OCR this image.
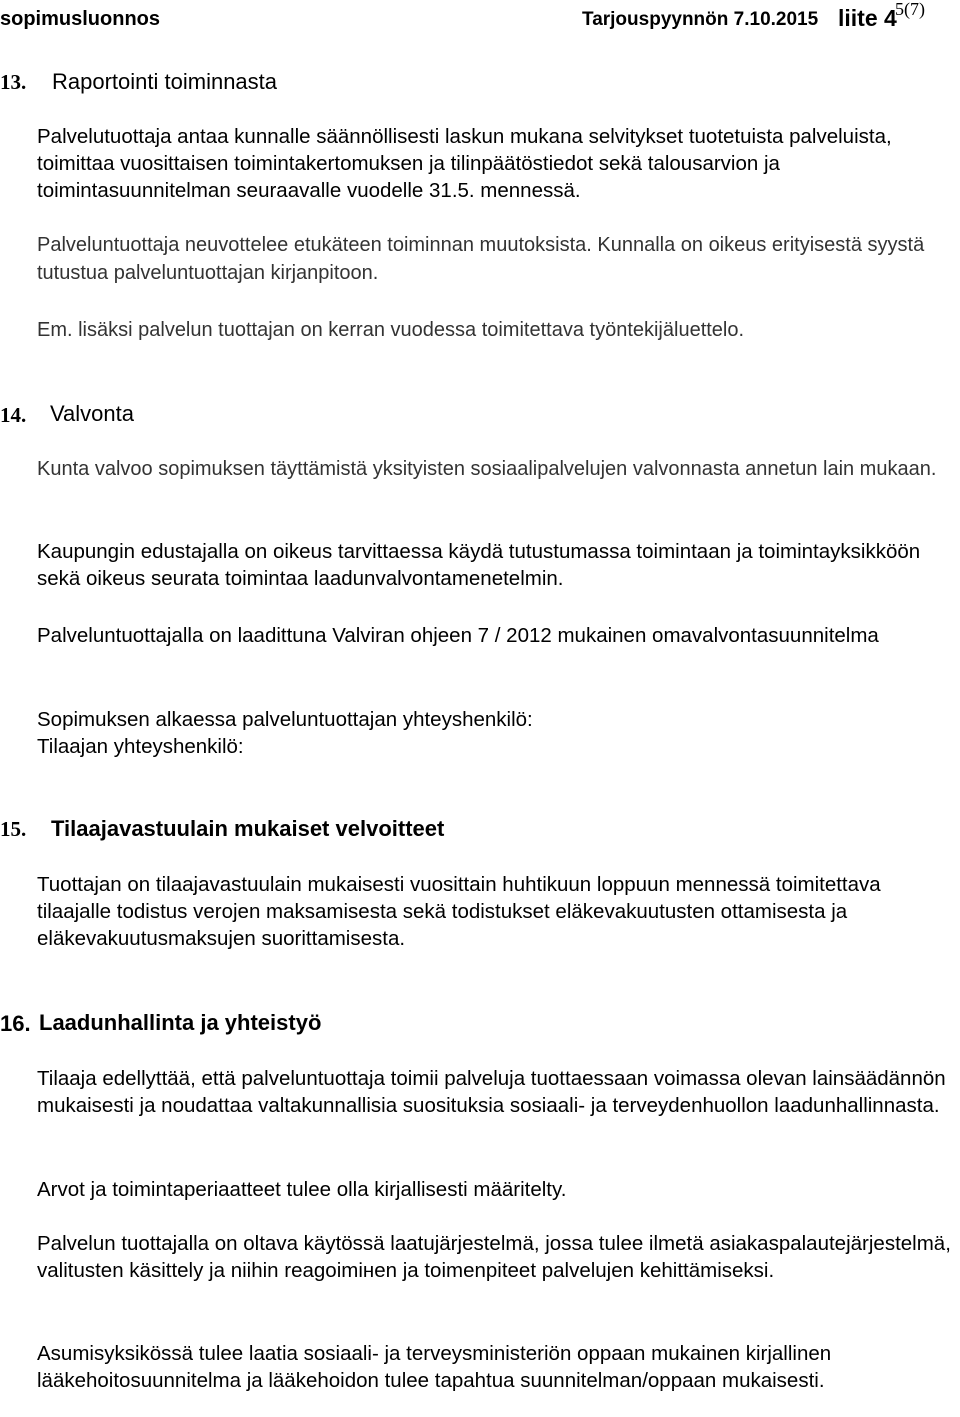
sopimusluonnos	Tarjouspyynnön 7.10.2015 liite 4
5(7)
13. Raportointi toiminnasta

Palvelutuottaja antaa kunnalle säännöllisesti laskun mukana selvitykset tuotetuista palveluista, toimittaa vuosittaisen toimintakertomuksen ja tilinpäätöstiedot sekä talousarvion ja toimintasuunnitelman seuraavalle vuodelle 31.5. mennessä.

Palveluntuottaja neuvottelee etukäteen toiminnan muutoksista. Kunnalla on oikeus erityisestä syystä tutustua palveluntuottajan kirjanpitoon.

Em. lisäksi palvelun tuottajan on kerran vuodessa toimitettava työntekijäluettelo.

14. Valvonta

Kunta valvoo sopimuksen täyttämistä yksityisten sosiaalipalvelujen valvonnasta annetun lain mukaan.

Kaupungin edustajalla on oikeus tarvittaessa käydä tutustumassa toimintaan ja toimintayksikköön sekä oikeus seurata toimintaa laadunvalvontamenetelmin.

Palveluntuottajalla on laadittuna Valviran ohjeen 7 / 2012 mukainen omavalvontasuunnitelma

Sopimuksen alkaessa palveluntuottajan yhteyshenkilö:

Tilaajan yhteyshenkilö:

15. Tilaajavastuulain mukaiset velvoitteet

Tuottajan on tilaajavastuulain mukaisesti vuosittain huhtikuun loppuun mennessä toimitettava tilaajalle todistus verojen maksamisesta sekä todistukset eläkevakuutusten ottamisesta ja eläkevakuutusmaksujen suorittamisesta.

16. Laadunhallinta ja yhteistyö

Tilaaja edellyttää, että palveluntuottaja toimii palveluja tuottaessaan voimassa olevan lainsäädännön mukaisesti ja noudattaa valtakunnallisia suosituksia sosiaali- ja terveydenhuollon laadunhallinnasta.

Arvot ja toimintaperiaatteet tulee olla kirjallisesti määritelty.

Palvelun tuottajalla on oltava käytössä laatujärjestelmä, jossa tulee ilmetä asiakaspalautejärjestelmä, valitusten käsittely ja niihin reagoimінen ja toimenpiteet palvelujen kehittämiseksi.

Asumisyksikössä tulee laatia sosiaali- ja terveysministeriön oppaan mukainen kirjallinen lääkehoitosuunnitelma ja lääkehoidon tulee tapahtua suunnitelman/oppaan mukaisesti.
